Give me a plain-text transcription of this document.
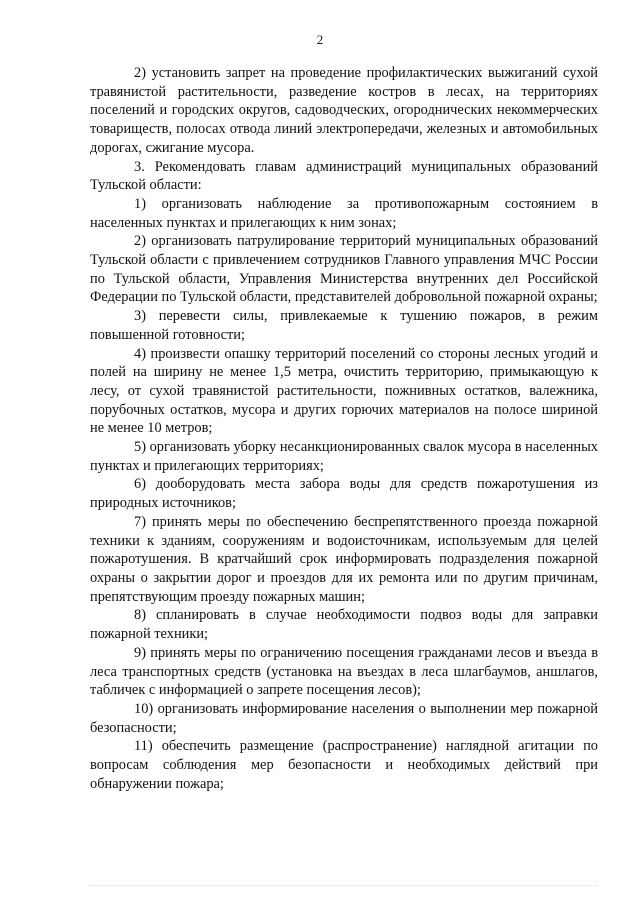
2

2) установить запрет на проведение профилактических выжиганий сухой травянистой растительности, разведение костров в лесах, на территориях поселений и городских округов, садоводческих, огороднических некоммерческих товариществ, полосах отвода линий электропередачи, железных и автомобильных дорогах, сжигание мусора.

3. Рекомендовать главам администраций муниципальных образований Тульской области:

1) организовать наблюдение за противопожарным состоянием в населенных пунктах и прилегающих к ним зонах;

2) организовать патрулирование территорий муниципальных образований Тульской области с привлечением сотрудников Главного управления МЧС России по Тульской области, Управления Министерства внутренних дел Российской Федерации по Тульской области, представителей добровольной пожарной охраны;

3) перевести силы, привлекаемые к тушению пожаров, в режим повышенной готовности;

4) произвести опашку территорий поселений со стороны лесных угодий и полей на ширину не менее 1,5 метра, очистить территорию, примыкающую к лесу, от сухой травянистой растительности, пожнивных остатков, валежника, порубочных остатков, мусора и других горючих материалов на полосе шириной не менее 10 метров;

5) организовать уборку несанкционированных свалок мусора в населенных пунктах и прилегающих территориях;

6) дооборудовать места забора воды для средств пожаротушения из природных источников;

7) принять меры по обеспечению беспрепятственного проезда пожарной техники к зданиям, сооружениям и водоисточникам, используемым для целей пожаротушения. В кратчайший срок информировать подразделения пожарной охраны о закрытии дорог и проездов для их ремонта или по другим причинам, препятствующим проезду пожарных машин;

8) спланировать в случае необходимости подвоз воды для заправки пожарной техники;

9) принять меры по ограничению посещения гражданами лесов и въезда в леса транспортных средств (установка на въездах в леса шлагбаумов, аншлагов, табличек с информацией о запрете посещения лесов);

10) организовать информирование населения о выполнении мер пожарной безопасности;

11) обеспечить размещение (распространение) наглядной агитации по вопросам соблюдения мер безопасности и необходимых действий при обнаружении пожара;
